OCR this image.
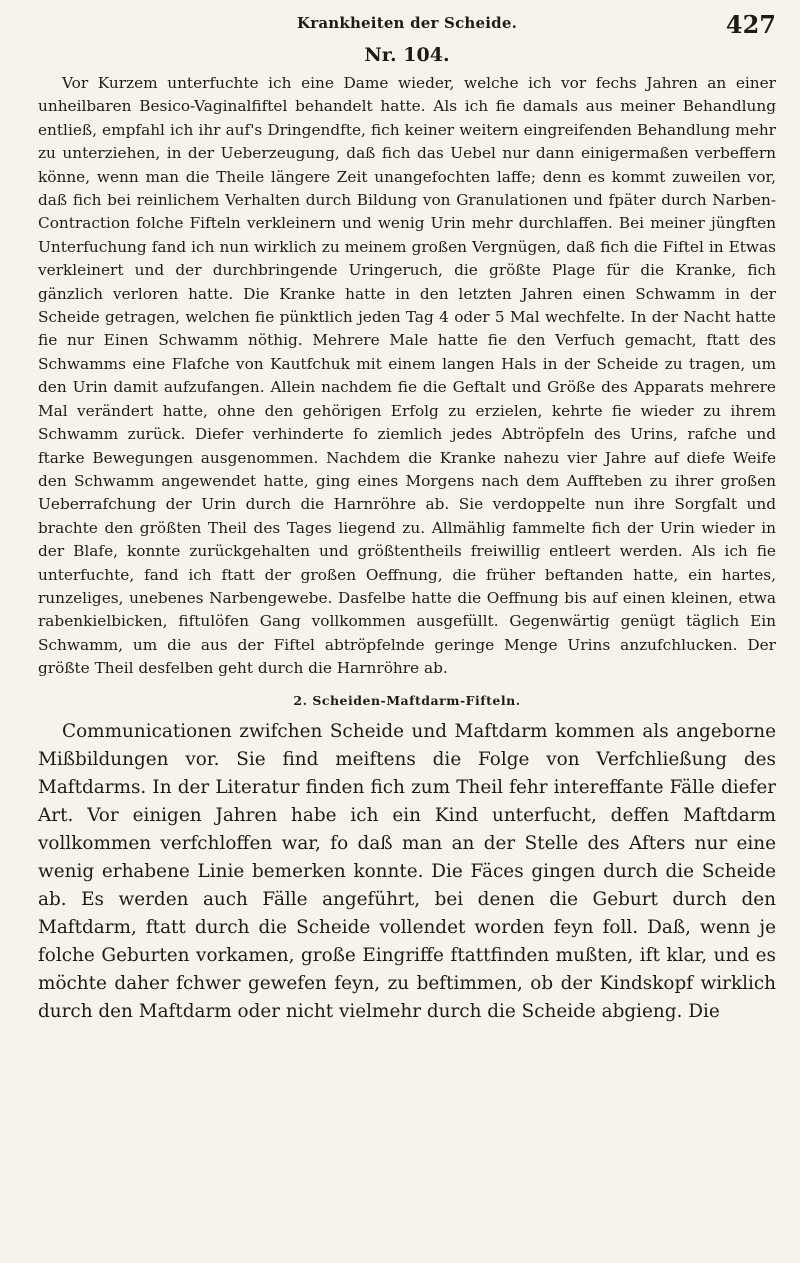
Krankheiten der Scheide.	427
Nr. 104.

Vor Kurzem unterfuchte ich eine Dame wieder, welche ich vor fechs Jahren an einer unheilbaren Besico-Vaginalfiftel behandelt hatte. Als ich fie damals aus meiner Behandlung entließ, empfahl ich ihr auf's Dringendfte, fich keiner weitern eingreifenden Behandlung mehr zu unterziehen, in der Ueberzeugung, daß fich das Uebel nur dann einigermaßen verbeffern könne, wenn man die Theile längere Zeit unangefochten laffe; denn es kommt zuweilen vor, daß fich bei reinlichem Verhalten durch Bildung von Granulationen und fpäter durch Narben-Contraction folche Fifteln verkleinern und wenig Urin mehr durchlaffen. Bei meiner jüngften Unterfuchung fand ich nun wirklich zu meinem großen Vergnügen, daß fich die Fiftel in Etwas verkleinert und der durchbringende Uringeruch, die größte Plage für die Kranke, fich gänzlich verloren hatte. Die Kranke hatte in den letzten Jahren einen Schwamm in der Scheide getragen, welchen fie pünktlich jeden Tag 4 oder 5 Mal wechfelte. In der Nacht hatte fie nur Einen Schwamm nöthig. Mehrere Male hatte fie den Verfuch gemacht, ftatt des Schwamms eine Flafche von Kautfchuk mit einem langen Hals in der Scheide zu tragen, um den Urin damit aufzufangen. Allein nachdem fie die Geftalt und Größe des Apparats mehrere Mal verändert hatte, ohne den gehörigen Erfolg zu erzielen, kehrte fie wieder zu ihrem Schwamm zurück. Diefer verhinderte fo ziemlich jedes Abtröpfeln des Urins, rafche und ftarke Bewegungen ausgenommen. Nachdem die Kranke nahezu vier Jahre auf diefe Weife den Schwamm angewendet hatte, ging eines Morgens nach dem Auffteben zu ihrer großen Ueberrafchung der Urin durch die Harnröhre ab. Sie verdoppelte nun ihre Sorgfalt und brachte den größten Theil des Tages liegend zu. Allmählig fammelte fich der Urin wieder in der Blafe, konnte zurückgehalten und größtentheils freiwillig entleert werden. Als ich fie unterfuchte, fand ich ftatt der großen Oeffnung, die früher beftanden hatte, ein hartes, runzeliges, unebenes Narbengewebe. Dasfelbe hatte die Oeffnung bis auf einen kleinen, etwa rabenkielbicken, fiftulöfen Gang vollkommen ausgefüllt. Gegenwärtig genügt täglich Ein Schwamm, um die aus der Fiftel abtröpfelnde geringe Menge Urins anzufchlucken. Der größte Theil desfelben geht durch die Harnröhre ab.

2. Scheiden-Maftdarm-Fifteln.

Communicationen zwifchen Scheide und Maftdarm kommen als angeborne Mißbildungen vor. Sie find meiftens die Folge von Verfchließung des Maftdarms. In der Literatur finden fich zum Theil fehr intereffante Fälle diefer Art. Vor einigen Jahren habe ich ein Kind unterfucht, deffen Maftdarm vollkommen verfchloffen war, fo daß man an der Stelle des Afters nur eine wenig erhabene Linie bemerken konnte. Die Fäces gingen durch die Scheide ab. Es werden auch Fälle angeführt, bei denen die Geburt durch den Maftdarm, ftatt durch die Scheide vollendet worden feyn foll. Daß, wenn je folche Geburten vorkamen, große Eingriffe ftattfinden mußten, ift klar, und es möchte daher fchwer gewefen feyn, zu beftimmen, ob der Kindskopf wirklich durch den Maftdarm oder nicht vielmehr durch die Scheide abgieng. Die
